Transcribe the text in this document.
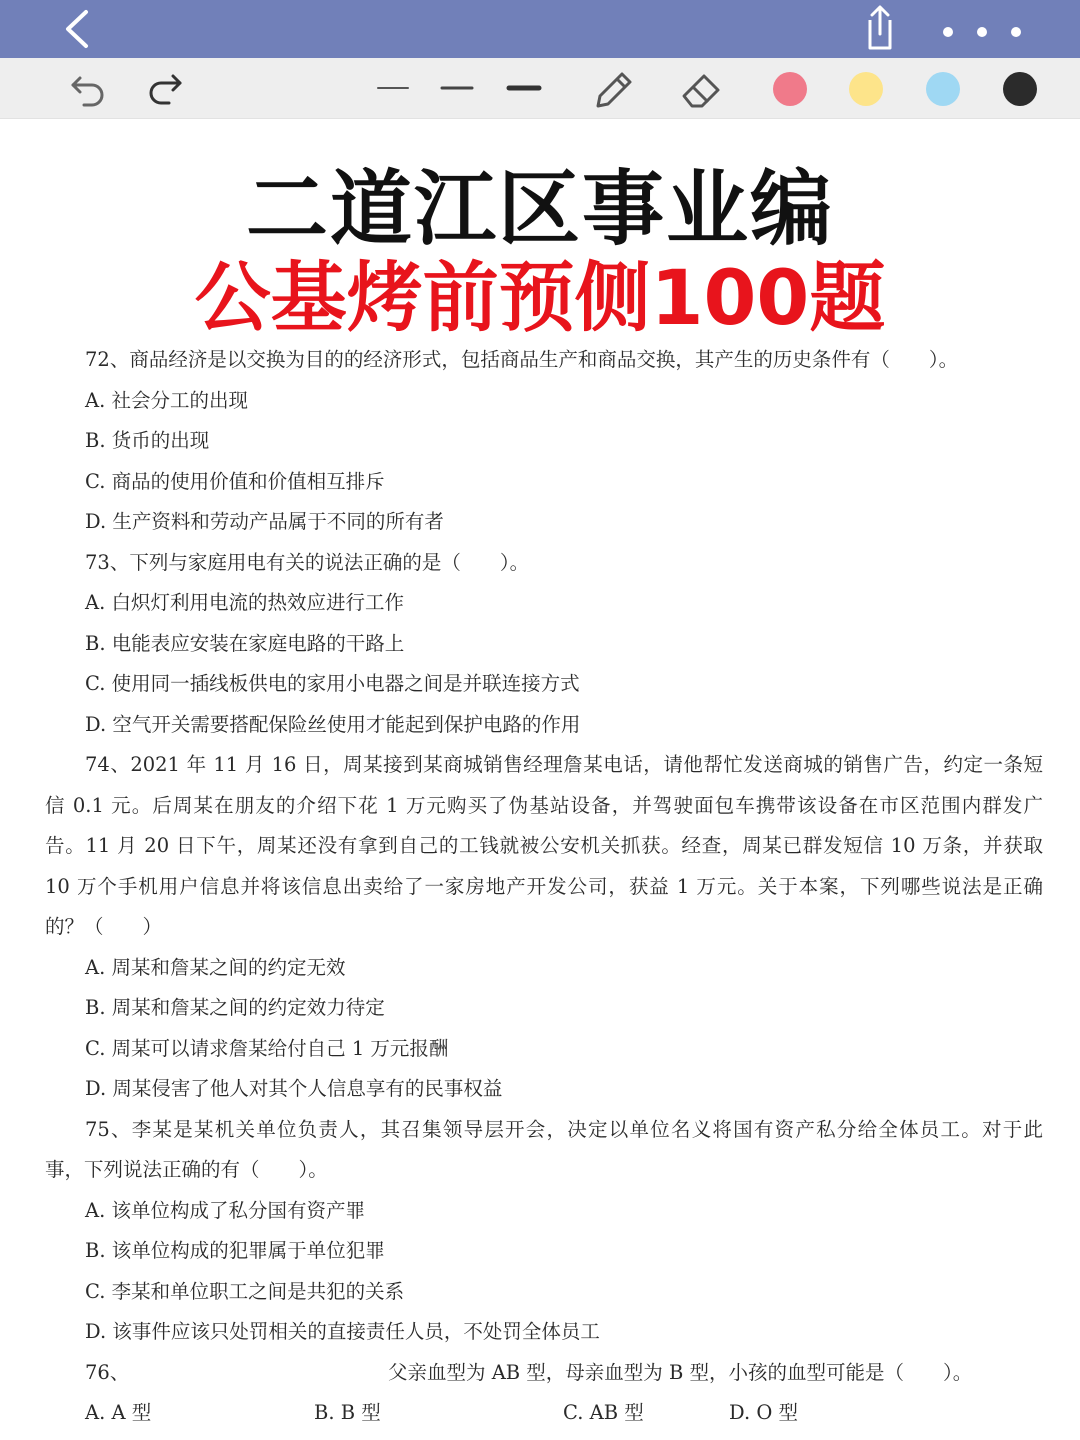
二道江区事业编
公基烤前预侧100题
72、商品经济是以交换为目的的经济形式，包括商品生产和商品交换，其产生的历史条件有（　　）。
A. 社会分工的出现
B. 货币的出现
C. 商品的使用价值和价值相互排斥
D. 生产资料和劳动产品属于不同的所有者
73、下列与家庭用电有关的说法正确的是（　　）。
A. 白炽灯利用电流的热效应进行工作
B. 电能表应安装在家庭电路的干路上
C. 使用同一插线板供电的家用小电器之间是并联连接方式
D. 空气开关需要搭配保险丝使用才能起到保护电路的作用
74、2021 年 11 月 16 日，周某接到某商城销售经理詹某电话，请他帮忙发送商城的销售广告，约定一条短
信 0.1 元。后周某在朋友的介绍下花 1 万元购买了伪基站设备，并驾驶面包车携带该设备在市区范围内群发广
告。11 月 20 日下午，周某还没有拿到自己的工钱就被公安机关抓获。经查，周某已群发短信 10 万条，并获取
10 万个手机用户信息并将该信息出卖给了一家房地产开发公司，获益 1 万元。关于本案，下列哪些说法是正确
的？（　　）
A. 周某和詹某之间的约定无效
B. 周某和詹某之间的约定效力待定
C. 周某可以请求詹某给付自己 1 万元报酬
D. 周某侵害了他人对其个人信息享有的民事权益
75、李某是某机关单位负责人，其召集领导层开会，决定以单位名义将国有资产私分给全体员工。对于此
事，下列说法正确的有（　　）。
A. 该单位构成了私分国有资产罪
B. 该单位构成的犯罪属于单位犯罪
C. 李某和单位职工之间是共犯的关系
D. 该事件应该只处罚相关的直接责任人员，不处罚全体员工
76、	父亲血型为 AB 型，母亲血型为 B 型，小孩的血型可能是（　　）。
A. A 型	B. B 型	C. AB 型	D. O 型
